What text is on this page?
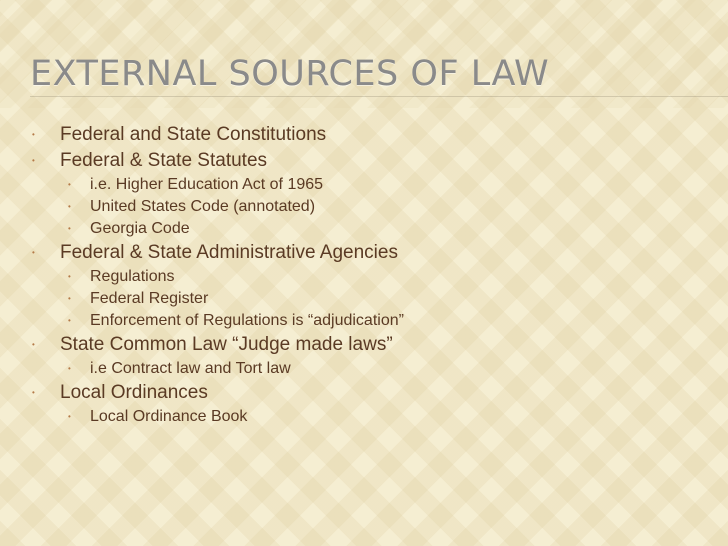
EXTERNAL SOURCES OF LAW
• Federal and State Constitutions
• Federal & State Statutes
• i.e. Higher Education Act of 1965
• United States Code (annotated)
• Georgia Code
• Federal & State Administrative Agencies
• Regulations
• Federal Register
• Enforcement of Regulations is “adjudication”
• State Common Law “Judge made laws”
• i.e Contract law and Tort law
• Local Ordinances
• Local Ordinance Book
